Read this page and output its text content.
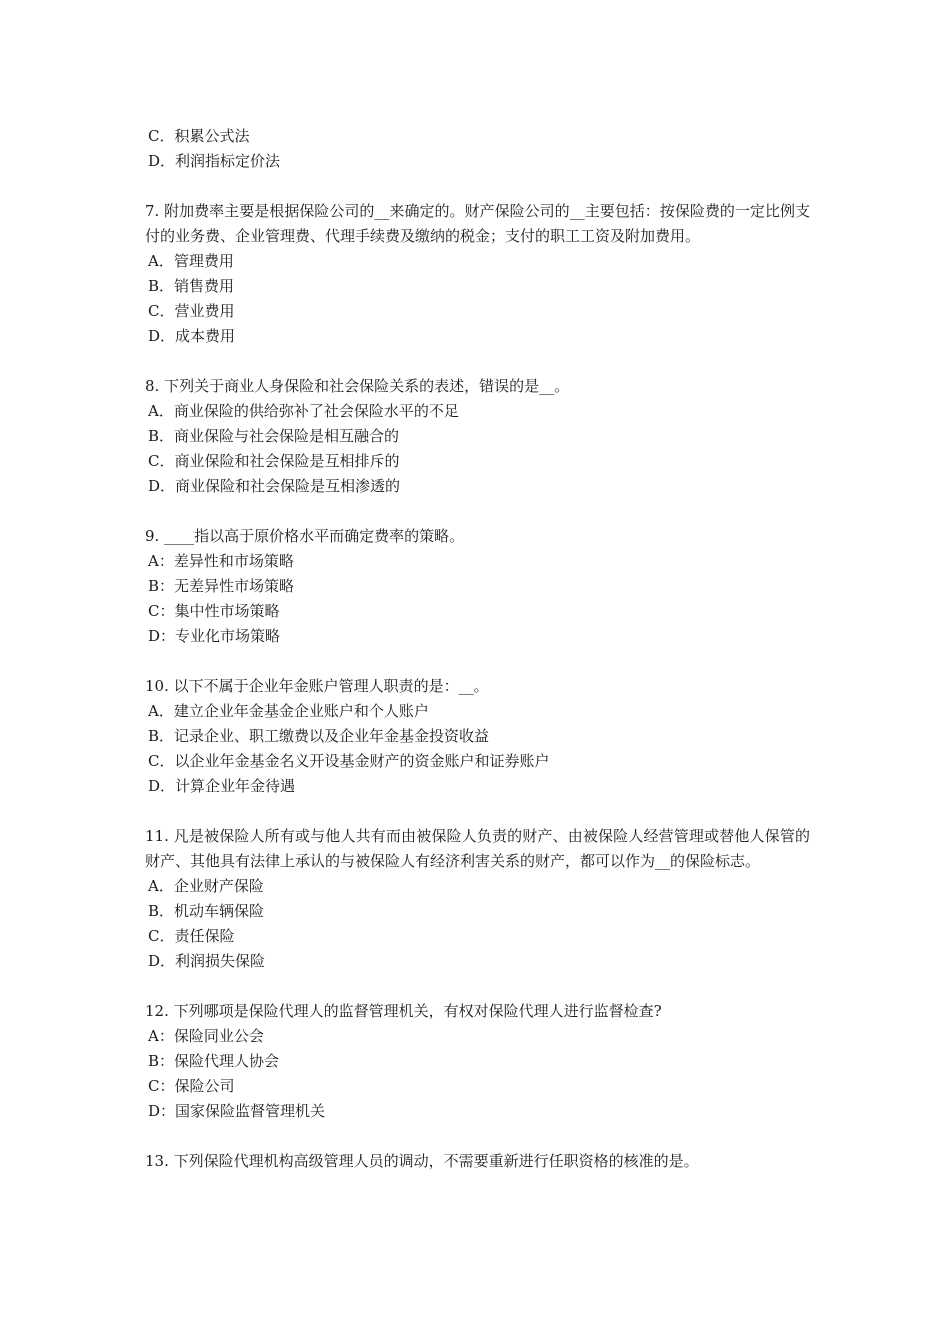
C．积累公式法
D．利润指标定价法
7. 附加费率主要是根据保险公司的__来确定的。财产保险公司的__主要包括：按保险费的一定比例支付的业务费、企业管理费、代理手续费及缴纳的税金；支付的职工工资及附加费用。
A．管理费用
B．销售费用
C．营业费用
D．成本费用
8. 下列关于商业人身保险和社会保险关系的表述，错误的是__。
A．商业保险的供给弥补了社会保险水平的不足
B．商业保险与社会保险是相互融合的
C．商业保险和社会保险是互相排斥的
D．商业保险和社会保险是互相渗透的
9. ____指以高于原价格水平而确定费率的策略。
A：差异性和市场策略
B：无差异性市场策略
C：集中性市场策略
D：专业化市场策略
10. 以下不属于企业年金账户管理人职责的是：__。
A．建立企业年金基金企业账户和个人账户
B．记录企业、职工缴费以及企业年金基金投资收益
C．以企业年金基金名义开设基金财产的资金账户和证券账户
D．计算企业年金待遇
11. 凡是被保险人所有或与他人共有而由被保险人负责的财产、由被保险人经营管理或替他人保管的财产、其他具有法律上承认的与被保险人有经济利害关系的财产，都可以作为__的保险标志。
A．企业财产保险
B．机动车辆保险
C．责任保险
D．利润损失保险
12. 下列哪项是保险代理人的监督管理机关，有权对保险代理人进行监督检查?
A：保险同业公会
B：保险代理人协会
C：保险公司
D：国家保险监督管理机关
13. 下列保险代理机构高级管理人员的调动，不需要重新进行任职资格的核准的是。
